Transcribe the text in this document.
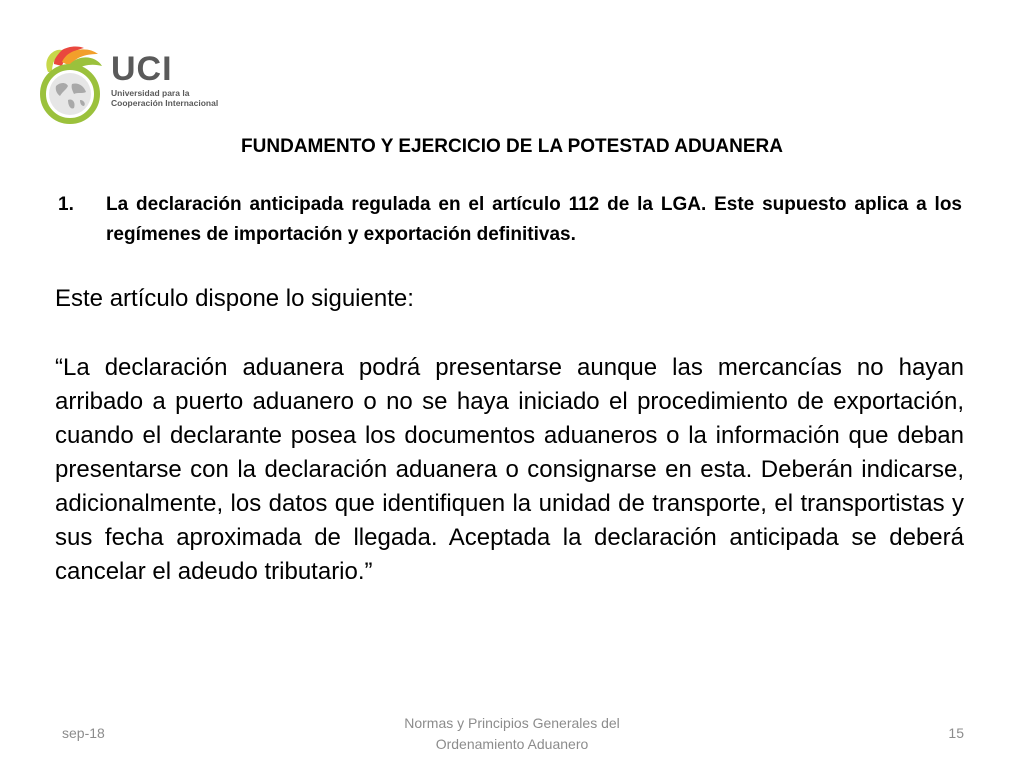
UCI
Universidad para la
Cooperación Internacional
FUNDAMENTO Y EJERCICIO DE LA POTESTAD ADUANERA
1. La declaración anticipada regulada en el artículo 112 de la LGA. Este supuesto aplica a los regímenes de importación y exportación definitivas.
Este artículo dispone lo siguiente:
“La declaración aduanera podrá presentarse aunque las mercancías no hayan arribado a puerto aduanero o no se haya iniciado el procedimiento de exportación, cuando el declarante posea los documentos aduaneros o la información que deban presentarse con la declaración aduanera o consignarse en esta. Deberán indicarse, adicionalmente, los datos que identifiquen la unidad de transporte, el transportistas y sus fecha aproximada de llegada. Aceptada la declaración anticipada se deberá cancelar el adeudo tributario.”
sep-18
Normas y Principios Generales del
Ordenamiento Aduanero
15
